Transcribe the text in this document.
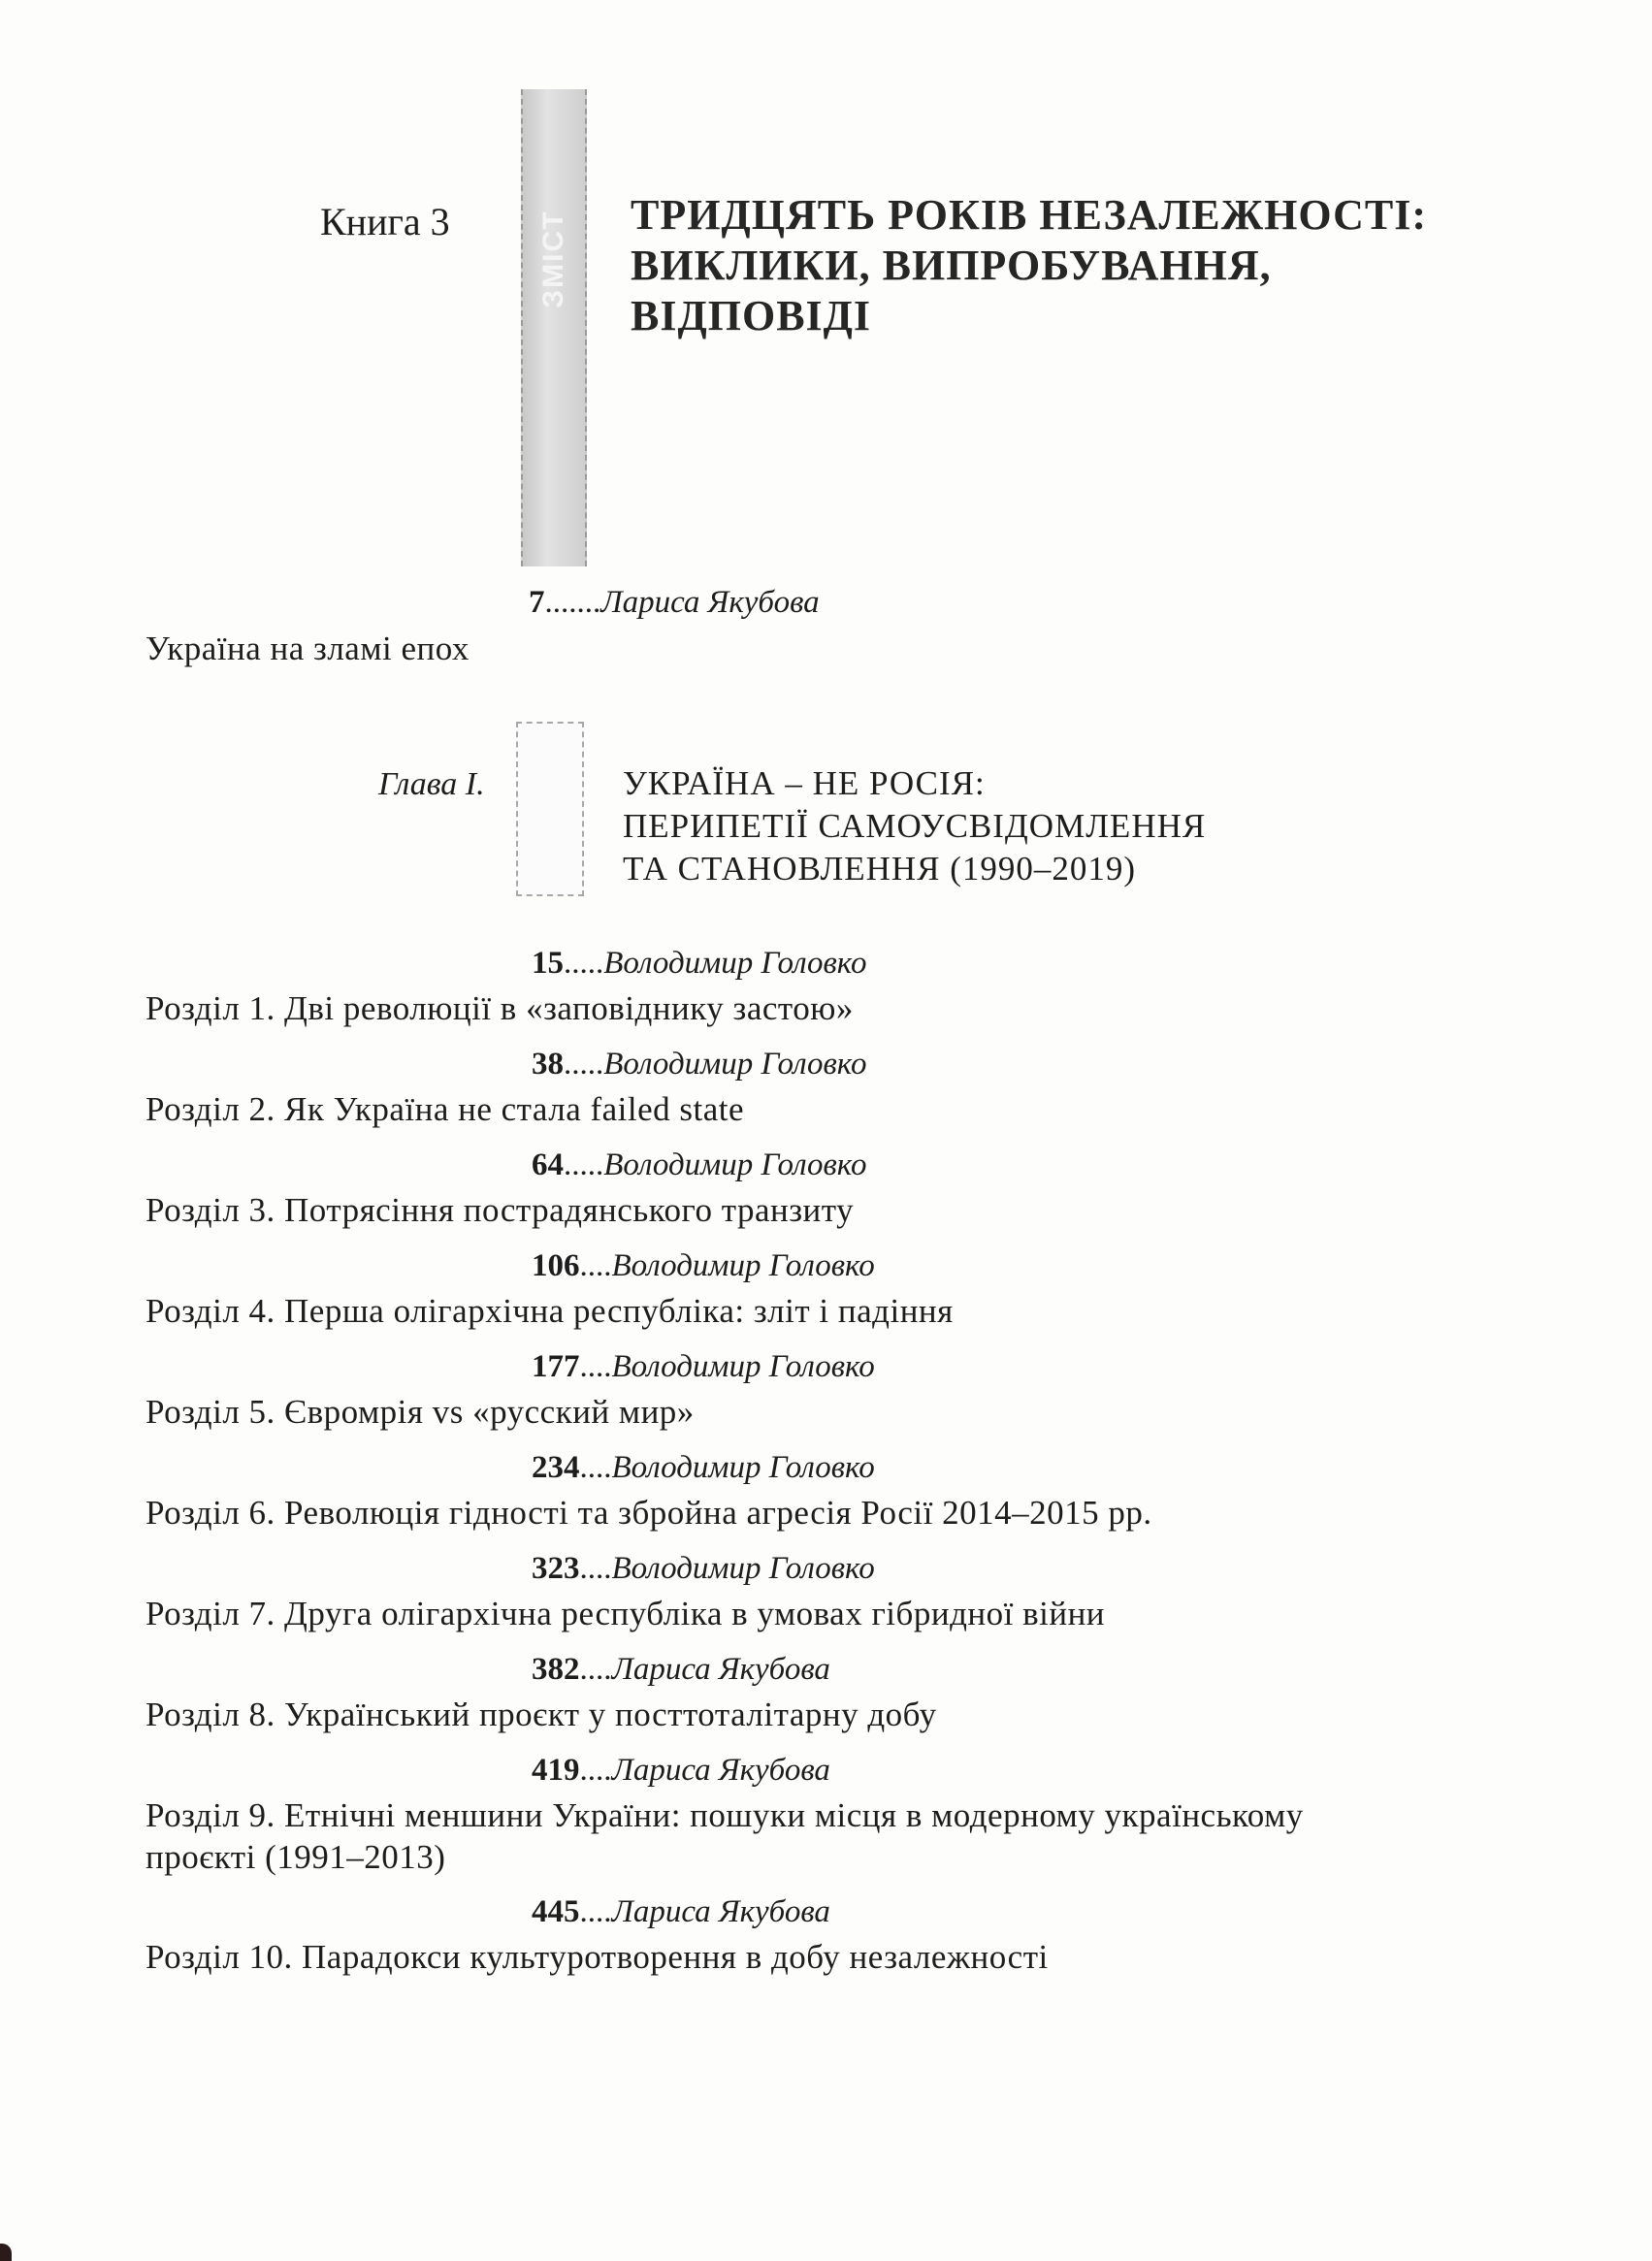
Книга 3	ЗМІСТ ТРИДЦЯТЬ РОКІВ НЕЗАЛЕЖНОСТІ:
ВИКЛИКИ, ВИПРОБУВАННЯ,
ВІДПОВІДІ
7.......Лариса Якубова
Україна на зламі епох
Глава І.	УКРАЇНА – НЕ РОСІЯ:
ПЕРИПЕТІЇ САМОУСВІДОМЛЕННЯ
ТА СТАНОВЛЕННЯ (1990–2019)
15.....Володимир Головко
Розділ 1. Дві революції в «заповіднику застою»
38.....Володимир Головко
Розділ 2. Як Україна не стала failed state
64.....Володимир Головко
Розділ 3. Потрясіння пострадянського транзиту
106....Володимир Головко
Розділ 4. Перша олігархічна республіка: зліт і падіння
177....Володимир Головко
Розділ 5. Євромрія vs «русский мир»
234....Володимир Головко
Розділ 6. Революція гідності та збройна агресія Росії 2014–2015 рр.
323....Володимир Головко
Розділ 7. Друга олігархічна республіка в умовах гібридної війни
382....Лариса Якубова
Розділ 8. Український проєкт у посттоталітарну добу
419....Лариса Якубова
Розділ 9. Етнічні меншини України: пошуки місця в модерному українському
проєкті (1991–2013)
445....Лариса Якубова
Розділ 10. Парадокси культуротворення в добу незалежності
